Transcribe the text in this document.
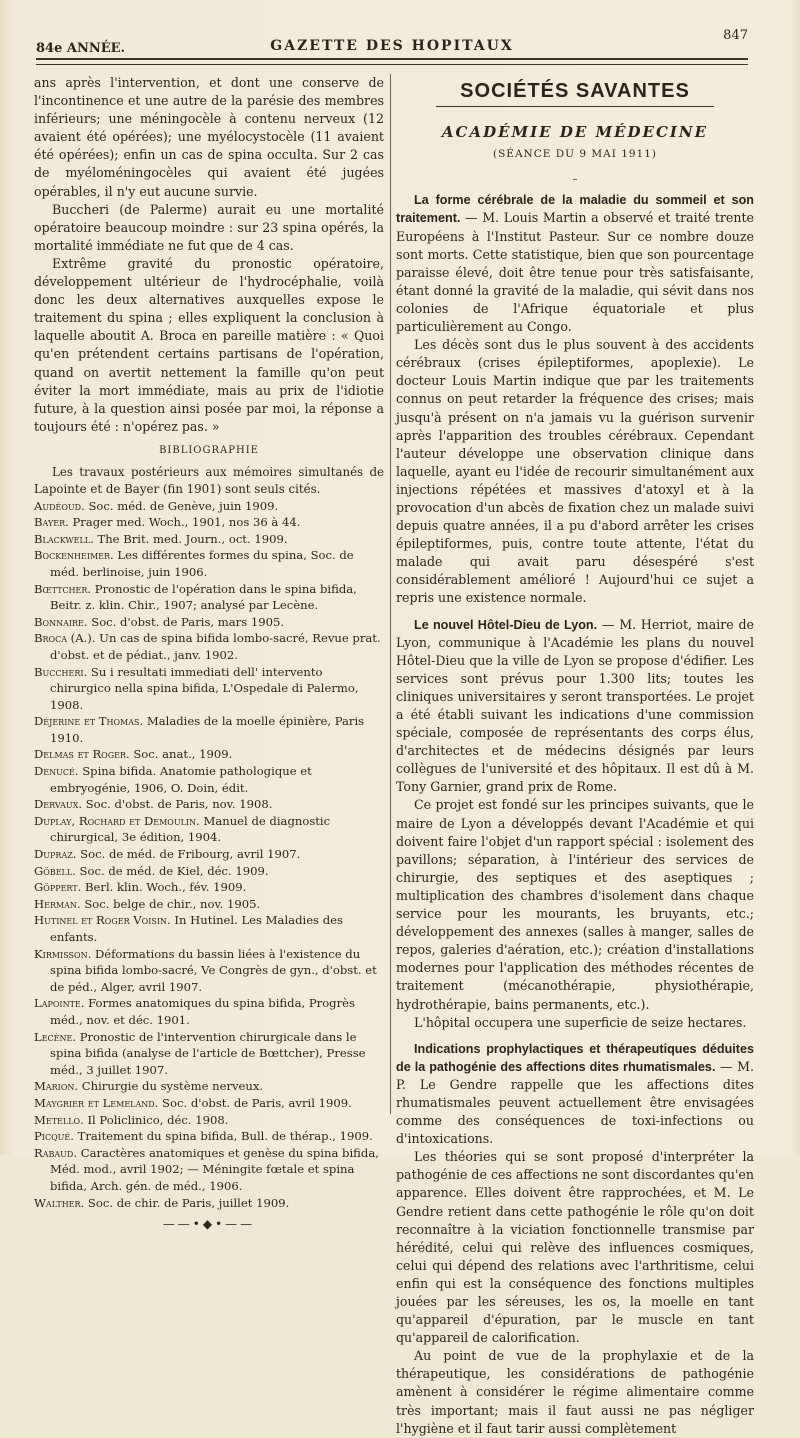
84e ANNÉE.	GAZETTE DES HOPITAUX
847

ans après l'intervention, et dont une conserve de l'incontinence et une autre de la parésie des membres inférieurs; une méningocèle à contenu nerveux (12 avaient été opérées); une myélocystocèle (11 avaient été opérées); enfin un cas de spina occulta. Sur 2 cas de myéloméningocèles qui avaient été jugées opérables, il n'y eut aucune survie.

Buccheri (de Palerme) aurait eu une mortalité opératoire beaucoup moindre : sur 23 spina opérés, la mortalité immédiate ne fut que de 4 cas.

Extrême gravité du pronostic opératoire, développement ultérieur de l'hydrocéphalie, voilà donc les deux alternatives auxquelles expose le traitement du spina ; elles expliquent la conclusion à laquelle aboutit A. Broca en pareille matière : « Quoi qu'en prétendent certains partisans de l'opération, quand on avertit nettement la famille qu'on peut éviter la mort immédiate, mais au prix de l'idiotie future, à la question ainsi posée par moi, la réponse a toujours été : n'opérez pas. »

BIBLIOGRAPHIE

Les travaux postérieurs aux mémoires simultanés de Lapointe et de Bayer (fin 1901) sont seuls cités.

Audéoud. Soc. méd. de Genève, juin 1909.

Bayer. Prager med. Woch., 1901, nos 36 à 44.

Blackwell. The Brit. med. Journ., oct. 1909.

Bockenheimer. Les différentes formes du spina, Soc. de méd. berlinoise, juin 1906.

Bœttcher. Pronostic de l'opération dans le spina bifida, Beitr. z. klin. Chir., 1907; analysé par Lecène.

Bonnaire. Soc. d'obst. de Paris, mars 1905.

Broca (A.). Un cas de spina bifida lombo-sacré, Revue prat. d'obst. et de pédiat., janv. 1902.

Buccheri. Su i resultati immediati dell' intervento chirurgico nella spina bifida, L'Ospedale di Palermo, 1908.

Déjerine et Thomas. Maladies de la moelle épinière, Paris 1910.

Delmas et Roger. Soc. anat., 1909.

Denucé. Spina bifida. Anatomie pathologique et embryogénie, 1906, O. Doin, édit.

Dervaux. Soc. d'obst. de Paris, nov. 1908.

Duplay, Rochard et Demoulin. Manuel de diagnostic chirurgical, 3e édition, 1904.

Dupraz. Soc. de méd. de Fribourg, avril 1907.

Göbell. Soc. de méd. de Kiel, déc. 1909.

Göppert. Berl. klin. Woch., fév. 1909.

Herman. Soc. belge de chir., nov. 1905.

Hutinel et Roger Voisin. In Hutinel. Les Maladies des enfants.

Kirmisson. Déformations du bassin liées à l'existence du spina bifida lombo-sacré, Ve Congrès de gyn., d'obst. et de péd., Alger, avril 1907.

Lapointe. Formes anatomiques du spina bifida, Progrès méd., nov. et déc. 1901.

Lecène. Pronostic de l'intervention chirurgicale dans le spina bifida (analyse de l'article de Bœttcher), Presse méd., 3 juillet 1907.

Marion. Chirurgie du système nerveux.

Maygrier et Lemeland. Soc. d'obst. de Paris, avril 1909.

Metello. Il Policlinico, déc. 1908.

Picqué. Traitement du spina bifida, Bull. de thérap., 1909.

Rabaud. Caractères anatomiques et genèse du spina bifida, Méd. mod., avril 1902; — Méningite fœtale et spina bifida, Arch. gén. de méd., 1906.

Walther. Soc. de chir. de Paris, juillet 1909.

——•◆•——
SOCIÉTÉS SAVANTES
ACADÉMIE DE MÉDECINE
(SÉANCE DU 9 MAI 1911)
–

La forme cérébrale de la maladie du sommeil et son traitement. — M. Louis Martin a observé et traité trente Européens à l'Institut Pasteur. Sur ce nombre douze sont morts. Cette statistique, bien que son pourcentage paraisse élevé, doit être tenue pour très satisfaisante, étant donné la gravité de la maladie, qui sévit dans nos colonies de l'Afrique équatoriale et plus particulièrement au Congo.

Les décès sont dus le plus souvent à des accidents cérébraux (crises épileptiformes, apoplexie). Le docteur Louis Martin indique que par les traitements connus on peut retarder la fréquence des crises; mais jusqu'à présent on n'a jamais vu la guérison survenir après l'apparition des troubles cérébraux. Cependant l'auteur développe une observation clinique dans laquelle, ayant eu l'idée de recourir simultanément aux injections répétées et massives d'atoxyl et à la provocation d'un abcès de fixation chez un malade suivi depuis quatre années, il a pu d'abord arrêter les crises épileptiformes, puis, contre toute attente, l'état du malade qui avait paru désespéré s'est considérablement amélioré ! Aujourd'hui ce sujet a repris une existence normale.

Le nouvel Hôtel-Dieu de Lyon. — M. Herriot, maire de Lyon, communique à l'Académie les plans du nouvel Hôtel-Dieu que la ville de Lyon se propose d'édifier. Les services sont prévus pour 1.300 lits; toutes les cliniques universitaires y seront transportées. Le projet a été établi suivant les indications d'une commission spéciale, composée de représentants des corps élus, d'architectes et de médecins désignés par leurs collègues de l'université et des hôpitaux. Il est dû à M. Tony Garnier, grand prix de Rome.

Ce projet est fondé sur les principes suivants, que le maire de Lyon a développés devant l'Académie et qui doivent faire l'objet d'un rapport spécial : isolement des pavillons; séparation, à l'intérieur des services de chirurgie, des septiques et des aseptiques ; multiplication des chambres d'isolement dans chaque service pour les mourants, les bruyants, etc.; développement des annexes (salles à manger, salles de repos, galeries d'aération, etc.); création d'installations modernes pour l'application des méthodes récentes de traitement (mécanothérapie, physiothérapie, hydrothérapie, bains permanents, etc.).

L'hôpital occupera une superficie de seize hectares.

Indications prophylactiques et thérapeutiques déduites de la pathogénie des affections dites rhumatismales. — M. P. Le Gendre rappelle que les affections dites rhumatismales peuvent actuellement être envisagées comme des conséquences de toxi-infections ou d'intoxications.

Les théories qui se sont proposé d'interpréter la pathogénie de ces affections ne sont discordantes qu'en apparence. Elles doivent être rapprochées, et M. Le Gendre retient dans cette pathogénie le rôle qu'on doit reconnaître à la viciation fonctionnelle transmise par hérédité, celui qui relève des influences cosmiques, celui qui dépend des relations avec l'arthritisme, celui enfin qui est la conséquence des fonctions multiples jouées par les séreuses, les os, la moelle en tant qu'appareil d'épuration, par le muscle en tant qu'appareil de calorification.

Au point de vue de la prophylaxie et de la thérapeutique, les considérations de pathogénie amènent à considérer le régime alimentaire comme très important; mais il faut aussi ne pas négliger l'hygiène et il faut tarir aussi complètement
